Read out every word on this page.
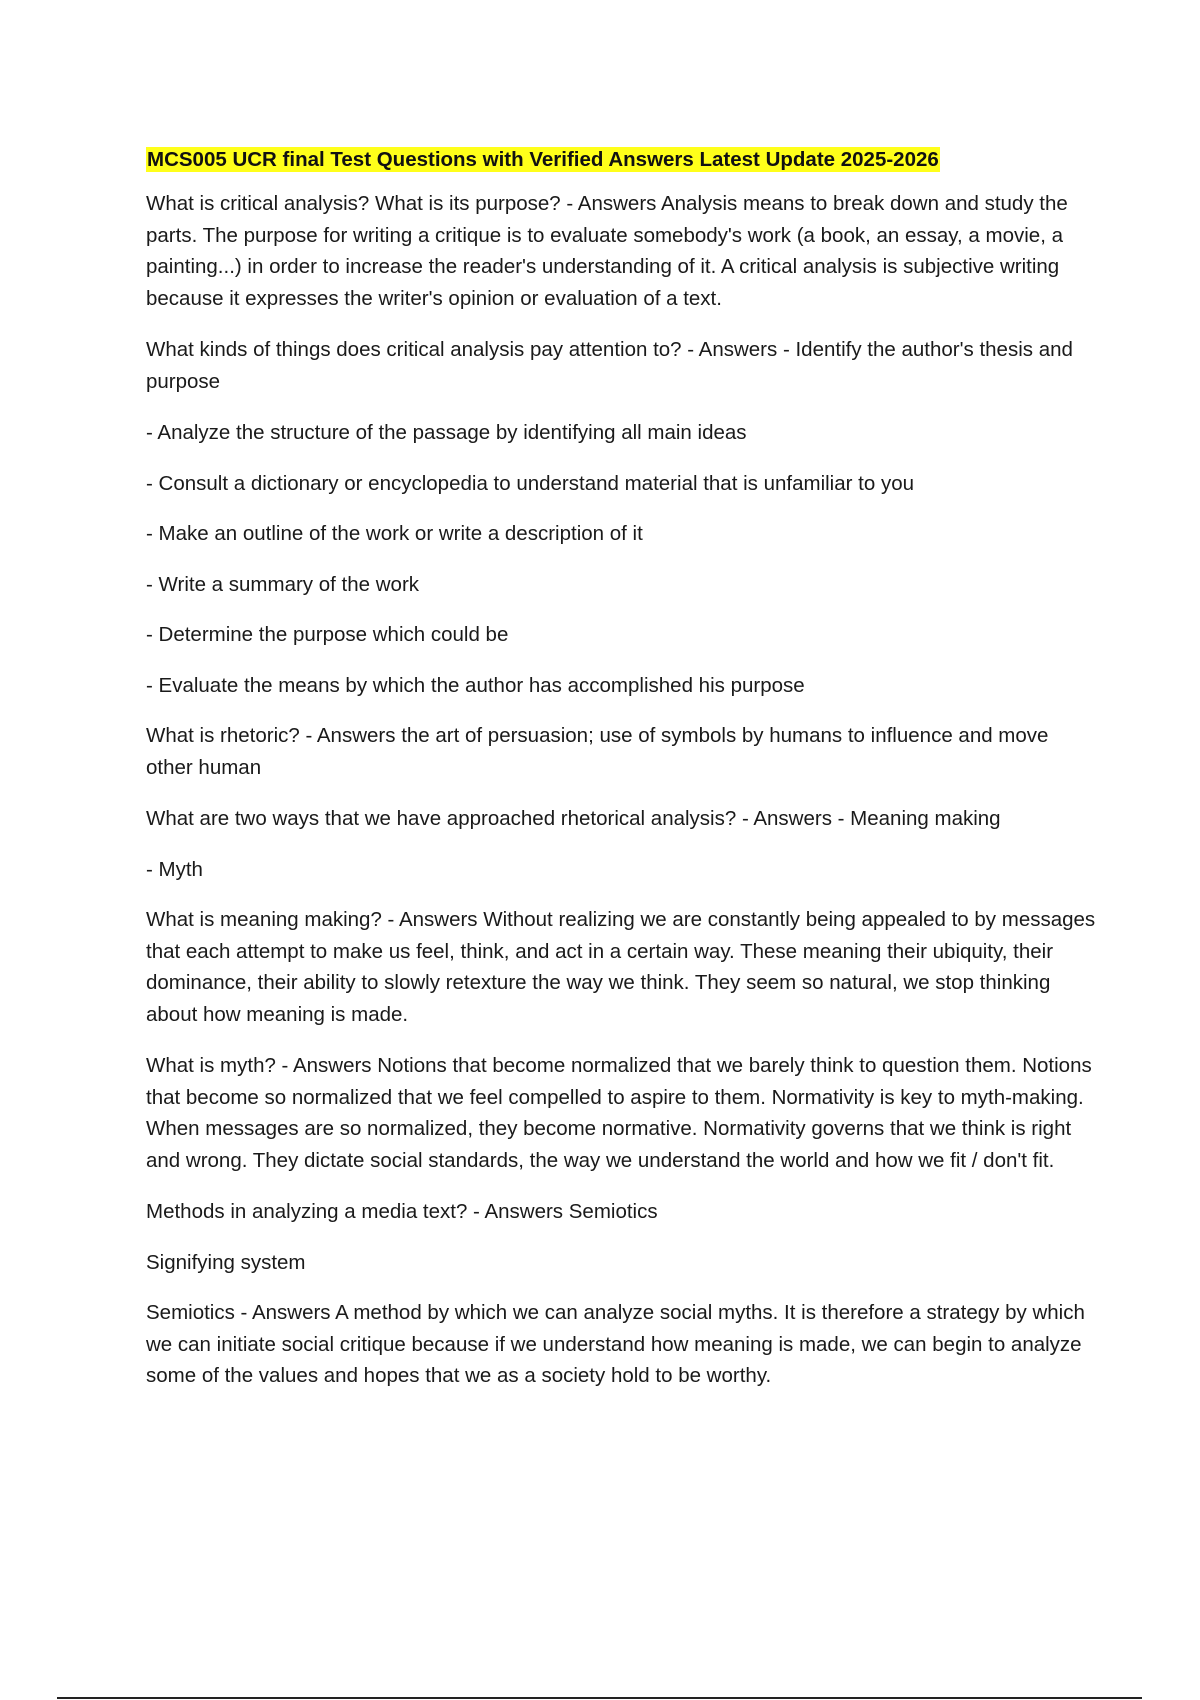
MCS005 UCR final Test Questions with Verified Answers Latest Update 2025-2026

What is critical analysis? What is its purpose? - Answers Analysis means to break down and study the parts. The purpose for writing a critique is to evaluate somebody's work (a book, an essay, a movie, a painting...) in order to increase the reader's understanding of it. A critical analysis is subjective writing because it expresses the writer's opinion or evaluation of a text.

What kinds of things does critical analysis pay attention to? - Answers - Identify the author's thesis and purpose

- Analyze the structure of the passage by identifying all main ideas

- Consult a dictionary or encyclopedia to understand material that is unfamiliar to you

- Make an outline of the work or write a description of it

- Write a summary of the work

- Determine the purpose which could be

- Evaluate the means by which the author has accomplished his purpose

What is rhetoric? - Answers the art of persuasion; use of symbols by humans to influence and move other human

What are two ways that we have approached rhetorical analysis? - Answers - Meaning making

- Myth

What is meaning making? - Answers Without realizing we are constantly being appealed to by messages that each attempt to make us feel, think, and act in a certain way. These meaning their ubiquity, their dominance, their ability to slowly retexture the way we think. They seem so natural, we stop thinking about how meaning is made.

What is myth? - Answers Notions that become normalized that we barely think to question them. Notions that become so normalized that we feel compelled to aspire to them. Normativity is key to myth-making. When messages are so normalized, they become normative. Normativity governs that we think is right and wrong. They dictate social standards, the way we understand the world and how we fit / don't fit.

Methods in analyzing a media text? - Answers Semiotics

Signifying system

Semiotics - Answers A method by which we can analyze social myths. It is therefore a strategy by which we can initiate social critique because if we understand how meaning is made, we can begin to analyze some of the values and hopes that we as a society hold to be worthy.
